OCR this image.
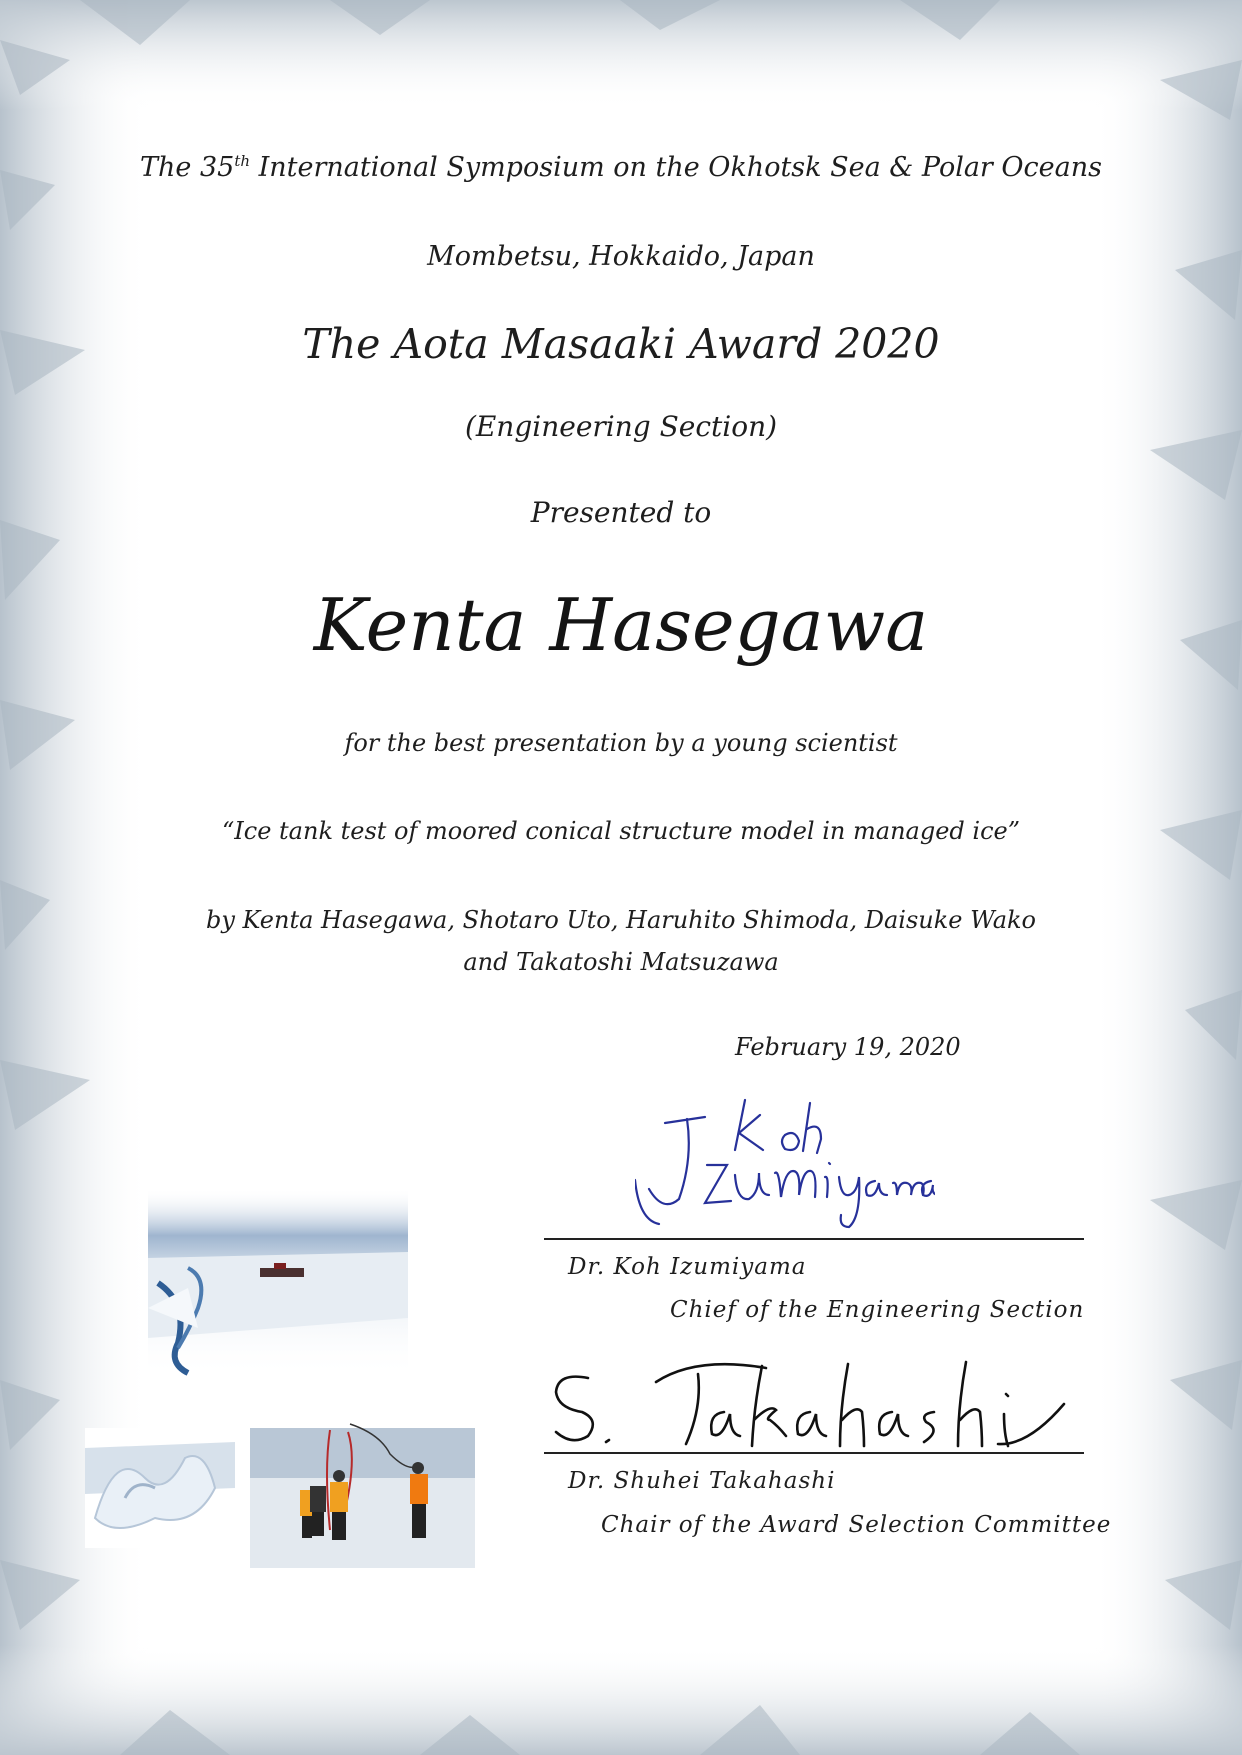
The 35th International Symposium on the Okhotsk Sea & Polar Oceans
Mombetsu, Hokkaido, Japan
The Aota Masaaki Award 2020
(Engineering Section)
Presented to
Kenta Hasegawa
for the best presentation by a young scientist
“Ice tank test of moored conical structure model in managed ice”
by Kenta Hasegawa, Shotaro Uto, Haruhito Shimoda, Daisuke Wako
and Takatoshi Matsuzawa
February 19, 2020
Dr. Koh Izumiyama
Chief of the Engineering Section
Dr. Shuhei Takahashi
Chair of the Award Selection Committee
